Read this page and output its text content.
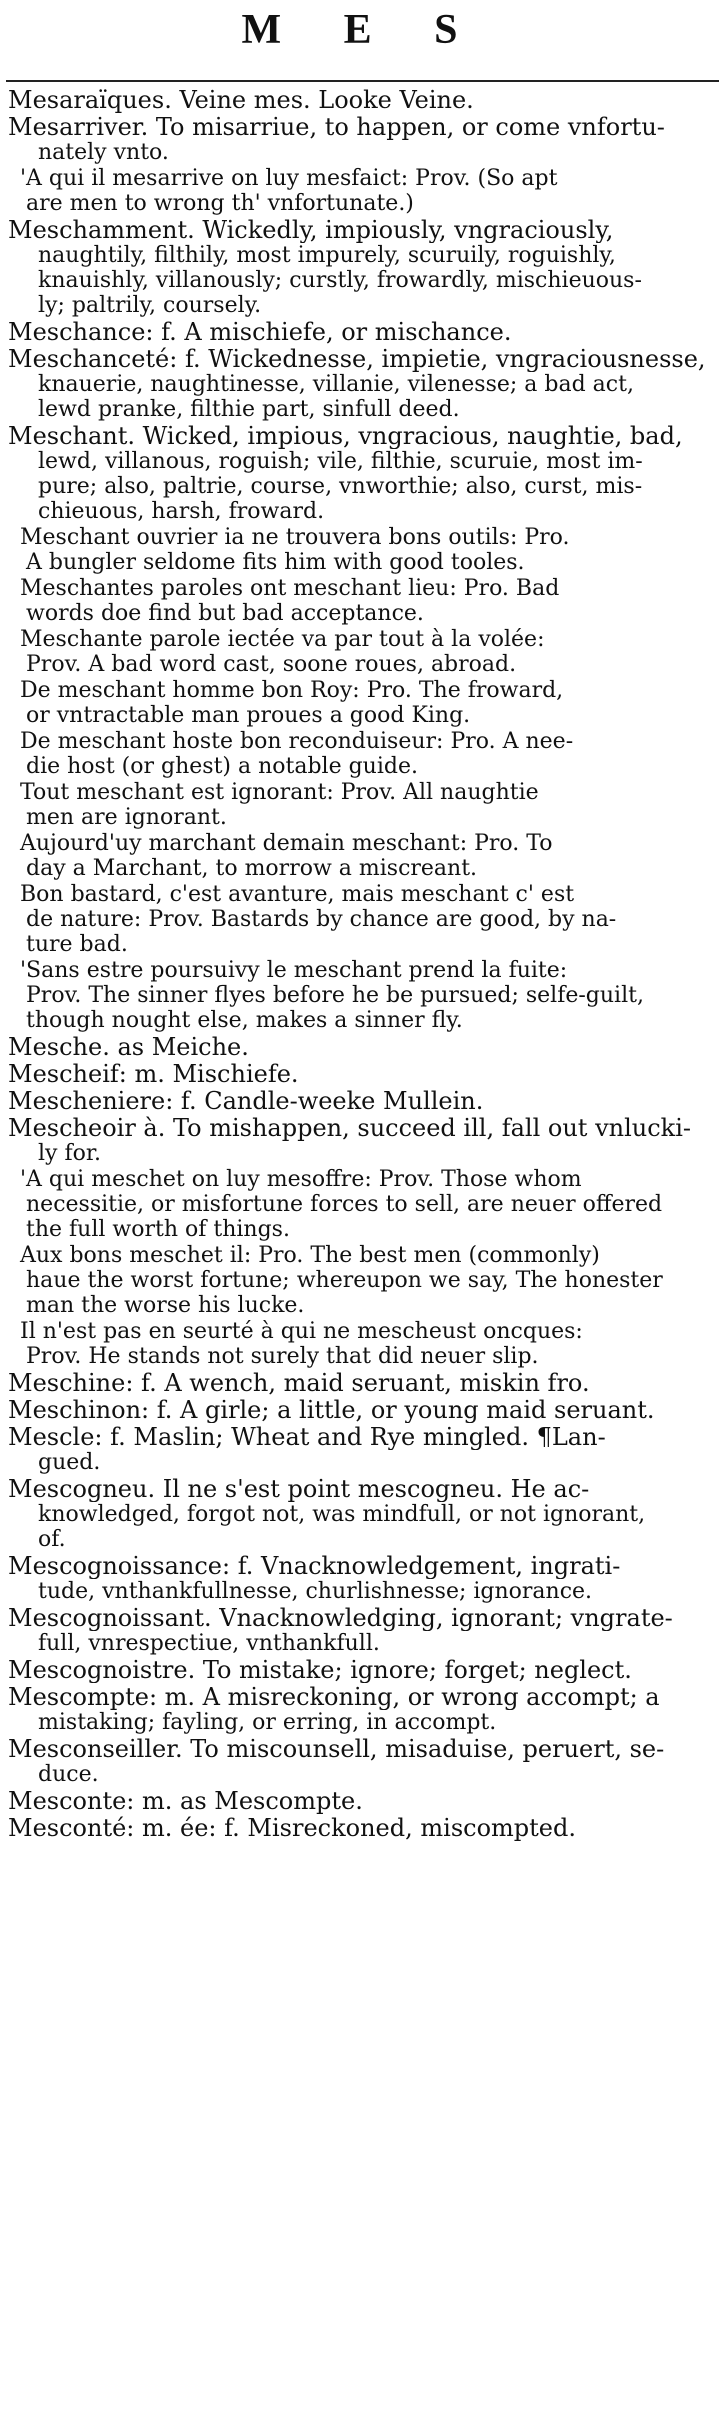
M E S
Mesaraïques. Veine mes. Looke Veine.
Mesarriver. To misarriue, to happen, or come vnfortu-
nately vnto.
'A qui il mesarrive on luy mesfaict: Prov. (So apt
are men to wrong th' vnfortunate.)
Meschamment. Wickedly, impiously, vngraciously,
naughtily, filthily, most impurely, scuruily, roguishly,
knauishly, villanously; curstly, frowardly, mischieuous-
ly; paltrily, coursely.
Meschance: f. A mischiefe, or mischance.
Meschanceté: f. Wickednesse, impietie, vngraciousnesse,
knauerie, naughtinesse, villanie, vilenesse; a bad act,
lewd pranke, filthie part, sinfull deed.
Meschant. Wicked, impious, vngracious, naughtie, bad,
lewd, villanous, roguish; vile, filthie, scuruie, most im-
pure; also, paltrie, course, vnworthie; also, curst, mis-
chieuous, harsh, froward.
Meschant ouvrier ia ne trouvera bons outils: Pro.
A bungler seldome fits him with good tooles.
Meschantes paroles ont meschant lieu: Pro. Bad
words doe find but bad acceptance.
Meschante parole iectée va par tout à la volée:
Prov. A bad word cast, soone roues, abroad.
De meschant homme bon Roy: Pro. The froward,
or vntractable man proues a good King.
De meschant hoste bon reconduiseur: Pro. A nee-
die host (or ghest) a notable guide.
Tout meschant est ignorant: Prov. All naughtie
men are ignorant.
Aujourd'uy marchant demain meschant: Pro. To
day a Marchant, to morrow a miscreant.
Bon bastard, c'est avanture, mais meschant c' est
de nature: Prov. Bastards by chance are good, by na-
ture bad.
'Sans estre poursuivy le meschant prend la fuite:
Prov. The sinner flyes before he be pursued; selfe-guilt,
though nought else, makes a sinner fly.
Mesche. as Meiche.
Mescheif: m. Mischiefe.
Mescheniere: f. Candle-weeke Mullein.
Mescheoir à. To mishappen, succeed ill, fall out vnlucki-
ly for.
'A qui meschet on luy mesoffre: Prov. Those whom
necessitie, or misfortune forces to sell, are neuer offered
the full worth of things.
Aux bons meschet il: Pro. The best men (commonly)
haue the worst fortune; whereupon we say, The honester
man the worse his lucke.
Il n'est pas en seurté à qui ne mescheust oncques:
Prov. He stands not surely that did neuer slip.
Meschine: f. A wench, maid seruant, miskin fro.
Meschinon: f. A girle; a little, or young maid seruant.
Mescle: f. Maslin; Wheat and Rye mingled. ¶Lan-
gued.
Mescogneu. Il ne s'est point mescogneu. He ac-
knowledged, forgot not, was mindfull, or not ignorant,
of.
Mescognoissance: f. Vnacknowledgement, ingrati-
tude, vnthankfullnesse, churlishnesse; ignorance.
Mescognoissant. Vnacknowledging, ignorant; vngrate-
full, vnrespectiue, vnthankfull.
Mescognoistre. To mistake; ignore; forget; neglect.
Mescompte: m. A misreckoning, or wrong accompt; a
mistaking; fayling, or erring, in accompt.
Mesconseiller. To miscounsell, misaduise, peruert, se-
duce.
Mesconte: m. as Mescompte.
Mesconté: m. ée: f. Misreckoned, miscompted.
